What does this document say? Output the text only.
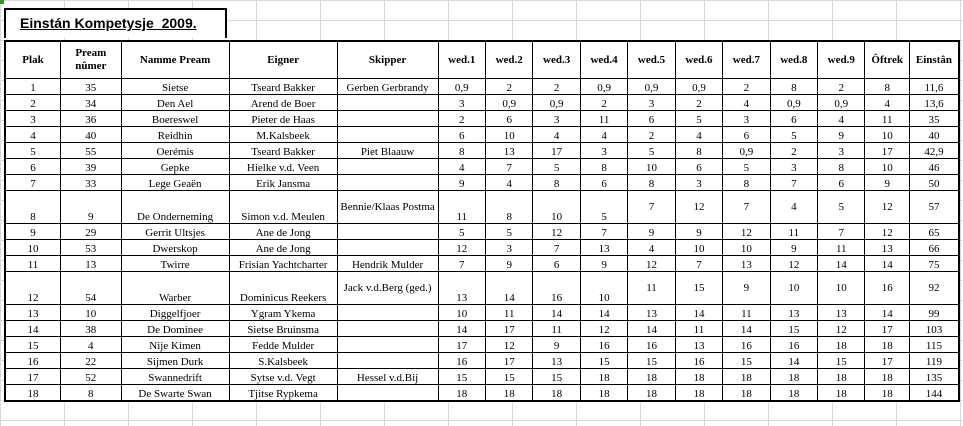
Einstán Kompetysje  2009.
Plak	Pream nûmer	Namme Pream	Eigner	Skipper	wed.1	wed.2	wed.3	wed.4	wed.5	wed.6	wed.7	wed.8	wed.9	Ôftrek	Einstân
1	35	Sietse	Tseard Bakker	Gerben Gerbrandy	0,9	2	2	0,9	0,9	0,9	2	8	2	8	11,6
2	34	Den Ael	Arend de Boer		3	0,9	0,9	2	3	2	4	0,9	0,9	4	13,6
3	36	Boereswel	Pieter de Haas		2	6	3	11	6	5	3	6	4	11	35
4	40	Reidhin	M.Kalsbeek		6	10	4	4	2	4	6	5	9	10	40
5	55	Oerémis	Tseard Bakker	Piet Blaauw	8	13	17	3	5	8	0,9	2	3	17	42,9
6	39	Gepke	Hielke v.d. Veen		4	7	5	8	10	6	5	3	8	10	46
7	33	Lege Geaën	Erik Jansma		9	4	8	6	8	3	8	7	6	9	50
8	9	De Onderneming	Simon v.d. Meulen	Bennie/Klaas Postma	11	8	10	5	7	12	7	4	5	12	57
9	29	Gerrit Ultsjes	Ane de Jong		5	5	12	7	9	9	12	11	7	12	65
10	53	Dwerskop	Ane de Jong		12	3	7	13	4	10	10	9	11	13	66
11	13	Twirre	Frisian Yachtcharter	Hendrik Mulder	7	9	6	9	12	7	13	12	14	14	75
12	54	Warber	Dominicus Reekers	Jack v.d.Berg (ged.)	13	14	16	10	11	15	9	10	10	16	92
13	10	Diggelfjoer	Ygram Ykema		10	11	14	14	13	14	11	13	13	14	99
14	38	De Dominee	Sietse Bruinsma		14	17	11	12	14	11	14	15	12	17	103
15	4	Nije Kimen	Fedde Mulder		17	12	9	16	16	13	16	16	18	18	115
16	22	Sijmen Durk	S.Kalsbeek		16	17	13	15	15	16	15	14	15	17	119
17	52	Swannedrift	Sytse v.d. Vegt	Hessel v.d.Bij	15	15	15	18	18	18	18	18	18	18	135
18	8	De Swarte Swan	Tjitse Rypkema		18	18	18	18	18	18	18	18	18	18	144
